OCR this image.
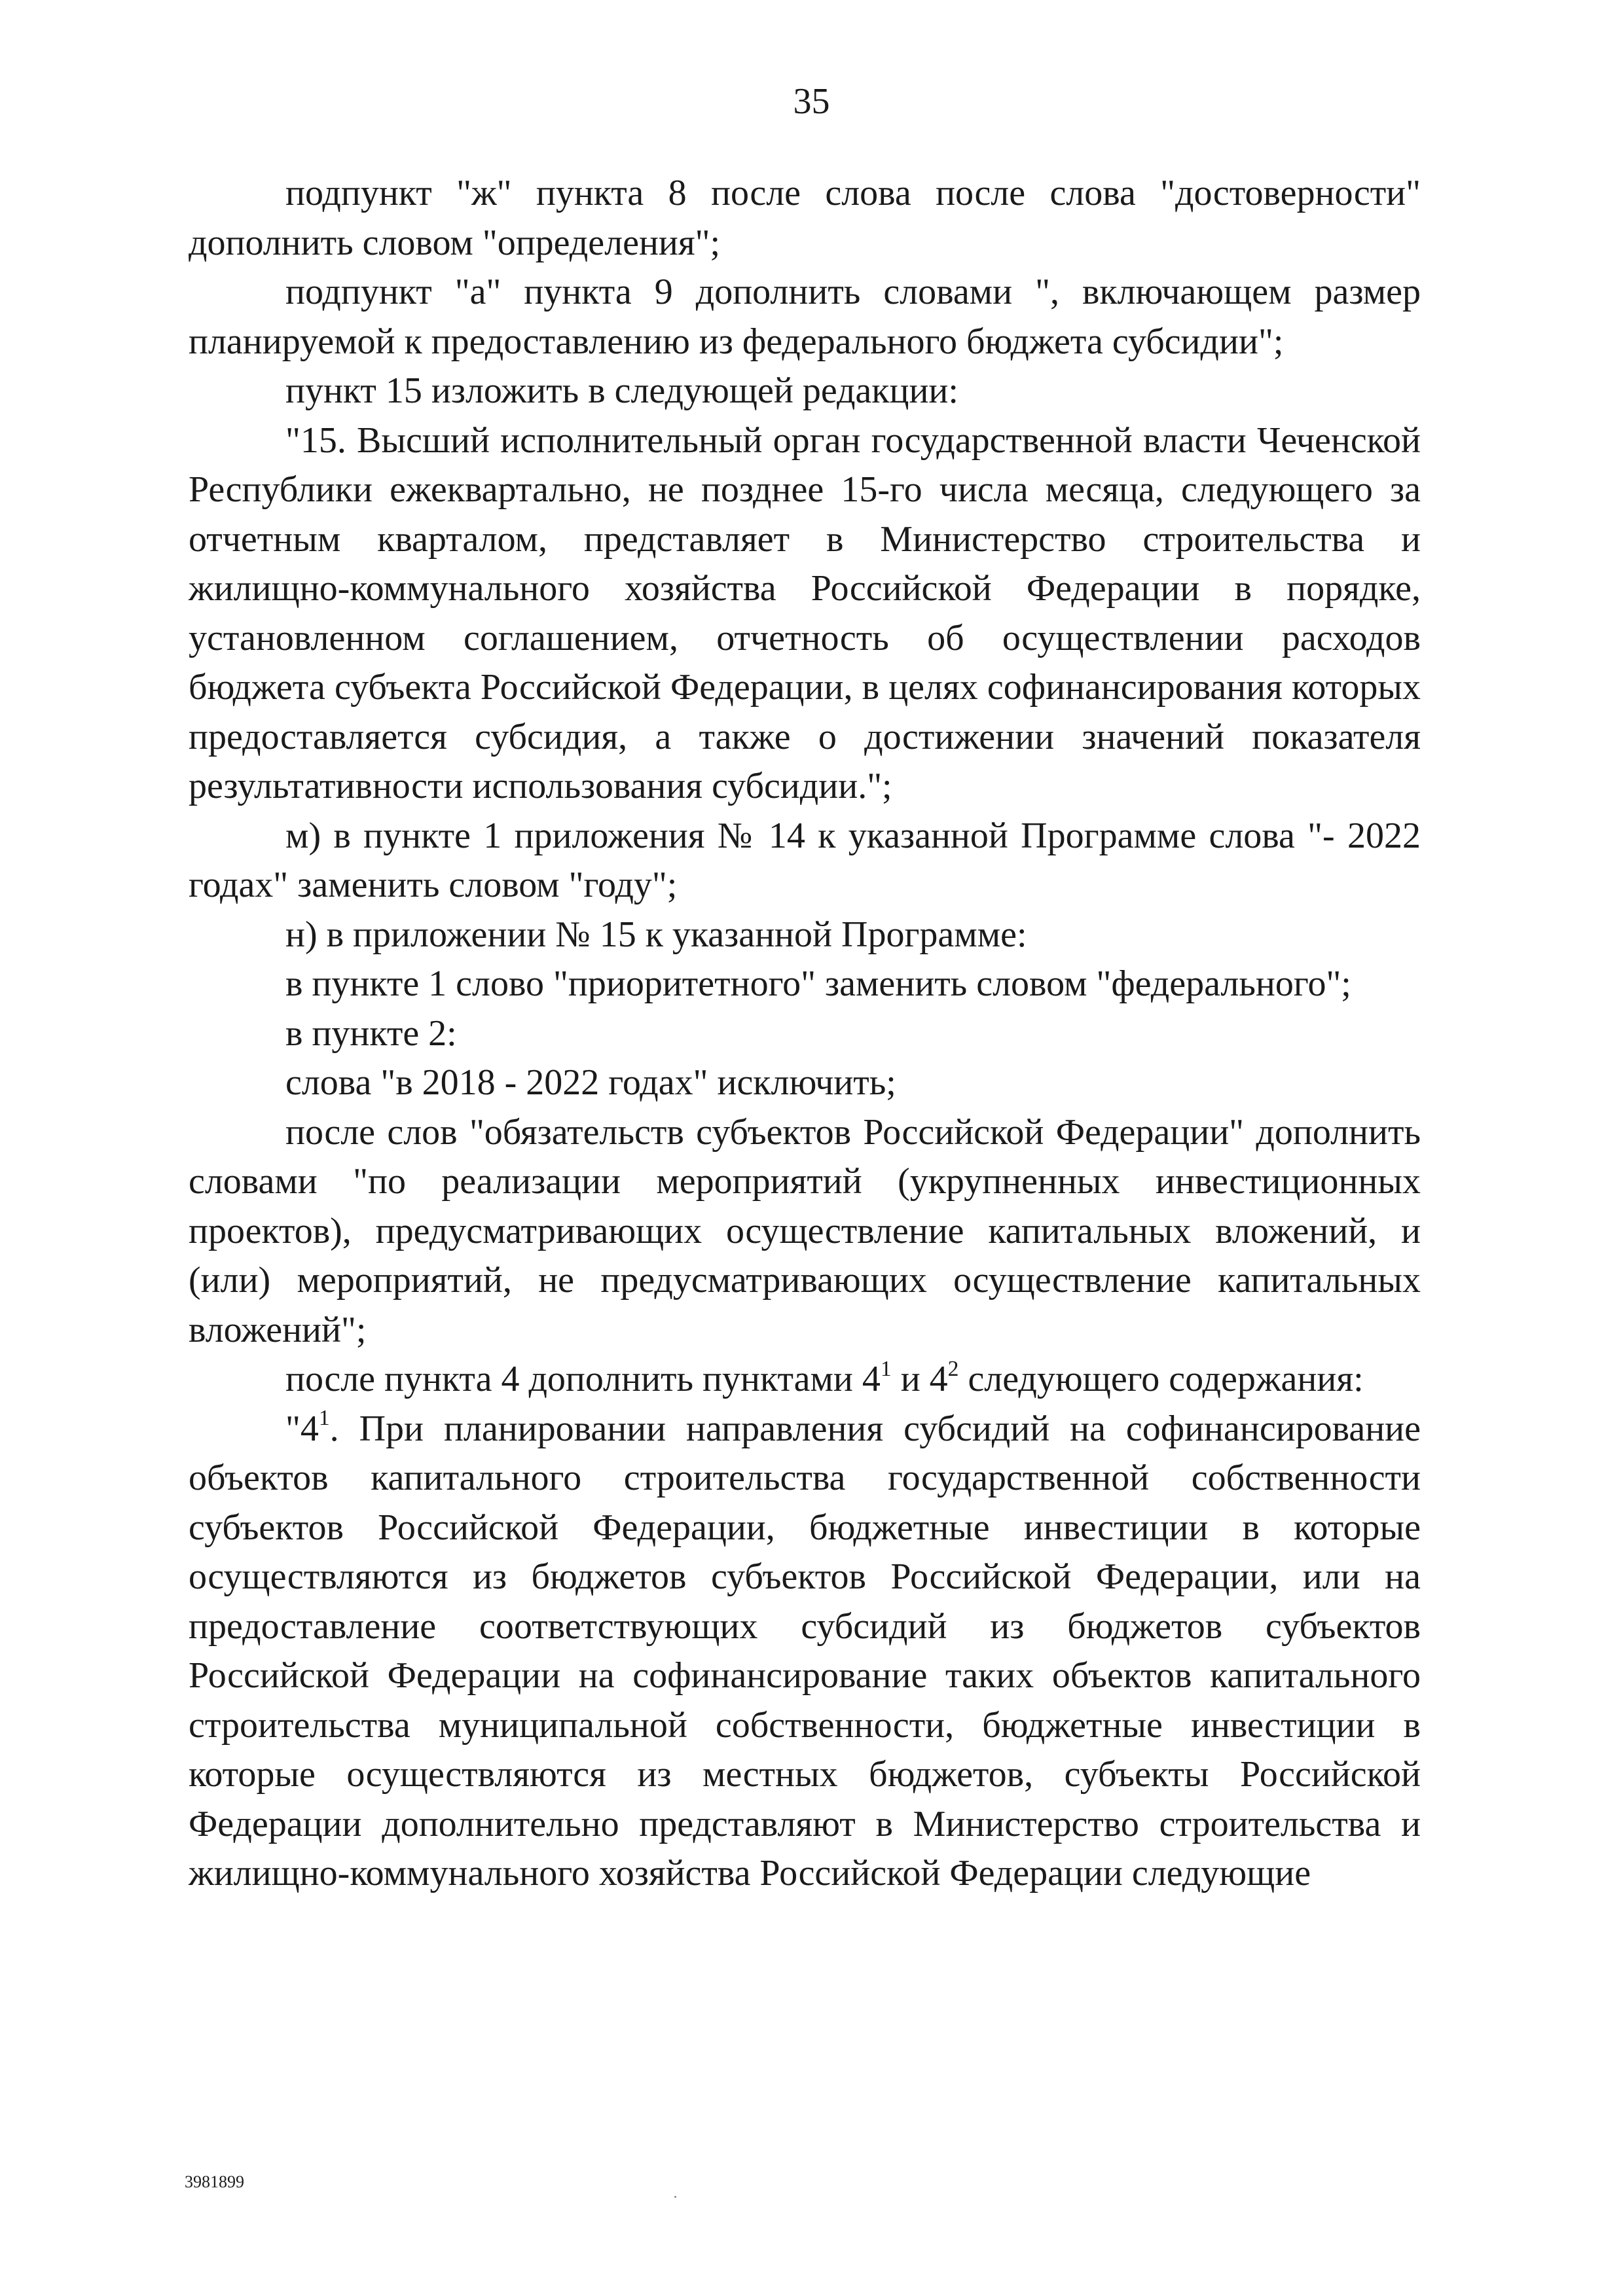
35

подпункт "ж" пункта 8 после слова после слова "достоверности" дополнить словом "определения";

подпункт "а" пункта 9 дополнить словами ", включающем размер планируемой к предоставлению из федерального бюджета субсидии";

пункт 15 изложить в следующей редакции:

"15. Высший исполнительный орган государственной власти Чеченской Республики ежеквартально, не позднее 15-го числа месяца, следующего за отчетным кварталом, представляет в Министерство строительства и жилищно-коммунального хозяйства Российской Федерации в порядке, установленном соглашением, отчетность об осуществлении расходов бюджета субъекта Российской Федерации, в целях софинансирования которых предоставляется субсидия, а также о достижении значений показателя результативности использования субсидии.";

м) в пункте 1 приложения № 14 к указанной Программе слова "- 2022 годах" заменить словом "году";

н) в приложении № 15 к указанной Программе:

в пункте 1 слово "приоритетного" заменить словом "федерального";

в пункте 2:

слова "в 2018 - 2022 годах" исключить;

после слов "обязательств субъектов Российской Федерации" дополнить словами "по реализации мероприятий (укрупненных инвестиционных проектов), предусматривающих осуществление капитальных вложений, и (или) мероприятий, не предусматривающих осуществление капитальных вложений";

после пункта 4 дополнить пунктами $4^1$ и $4^2$ следующего содержания:

"$4^1$. При планировании направления субсидий на софинансирование объектов капитального строительства государственной собственности субъектов Российской Федерации, бюджетные инвестиции в которые осуществляются из бюджетов субъектов Российской Федерации, или на предоставление соответствующих субсидий из бюджетов субъектов Российской Федерации на софинансирование таких объектов капитального строительства муниципальной собственности, бюджетные инвестиции в которые осуществляются из местных бюджетов, субъекты Российской Федерации дополнительно представляют в Министерство строительства и жилищно-коммунального хозяйства Российской Федерации следующие

3981899
